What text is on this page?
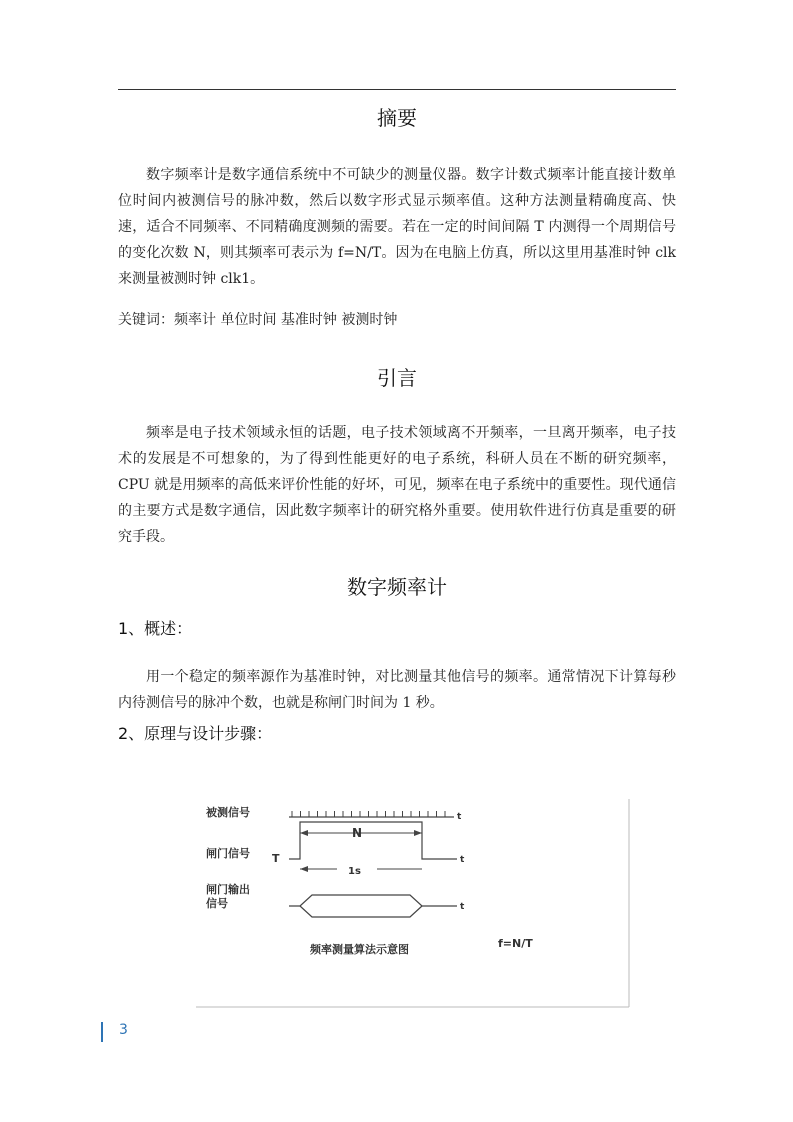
摘要
数字频率计是数字通信系统中不可缺少的测量仪器。数字计数式频率计能直接计数单位时间内被测信号的脉冲数，然后以数字形式显示频率值。这种方法测量精确度高、快速，适合不同频率、不同精确度测频的需要。若在一定的时间间隔 T 内测得一个周期信号的变化次数 N，则其频率可表示为 f=N/T。因为在电脑上仿真，所以这里用基准时钟 clk 来测量被测时钟 clk1。
关键词：频率计 单位时间 基准时钟 被测时钟
引言
频率是电子技术领域永恒的话题，电子技术领域离不开频率，一旦离开频率，电子技术的发展是不可想象的，为了得到性能更好的电子系统，科研人员在不断的研究频率，CPU 就是用频率的高低来评价性能的好坏，可见，频率在电子系统中的重要性。现代通信的主要方式是数字通信，因此数字频率计的研究格外重要。使用软件进行仿真是重要的研究手段。
数字频率计
1、概述：
用一个稳定的频率源作为基准时钟，对比测量其他信号的频率。通常情况下计算每秒内待测信号的脉冲个数，也就是称闸门时间为 1 秒。
2、原理与设计步骤：
被测信号	t
N
闸门信号 T	t
1s
闸门输出
信号	t
频率测量算法示意图	f=N/T
3
